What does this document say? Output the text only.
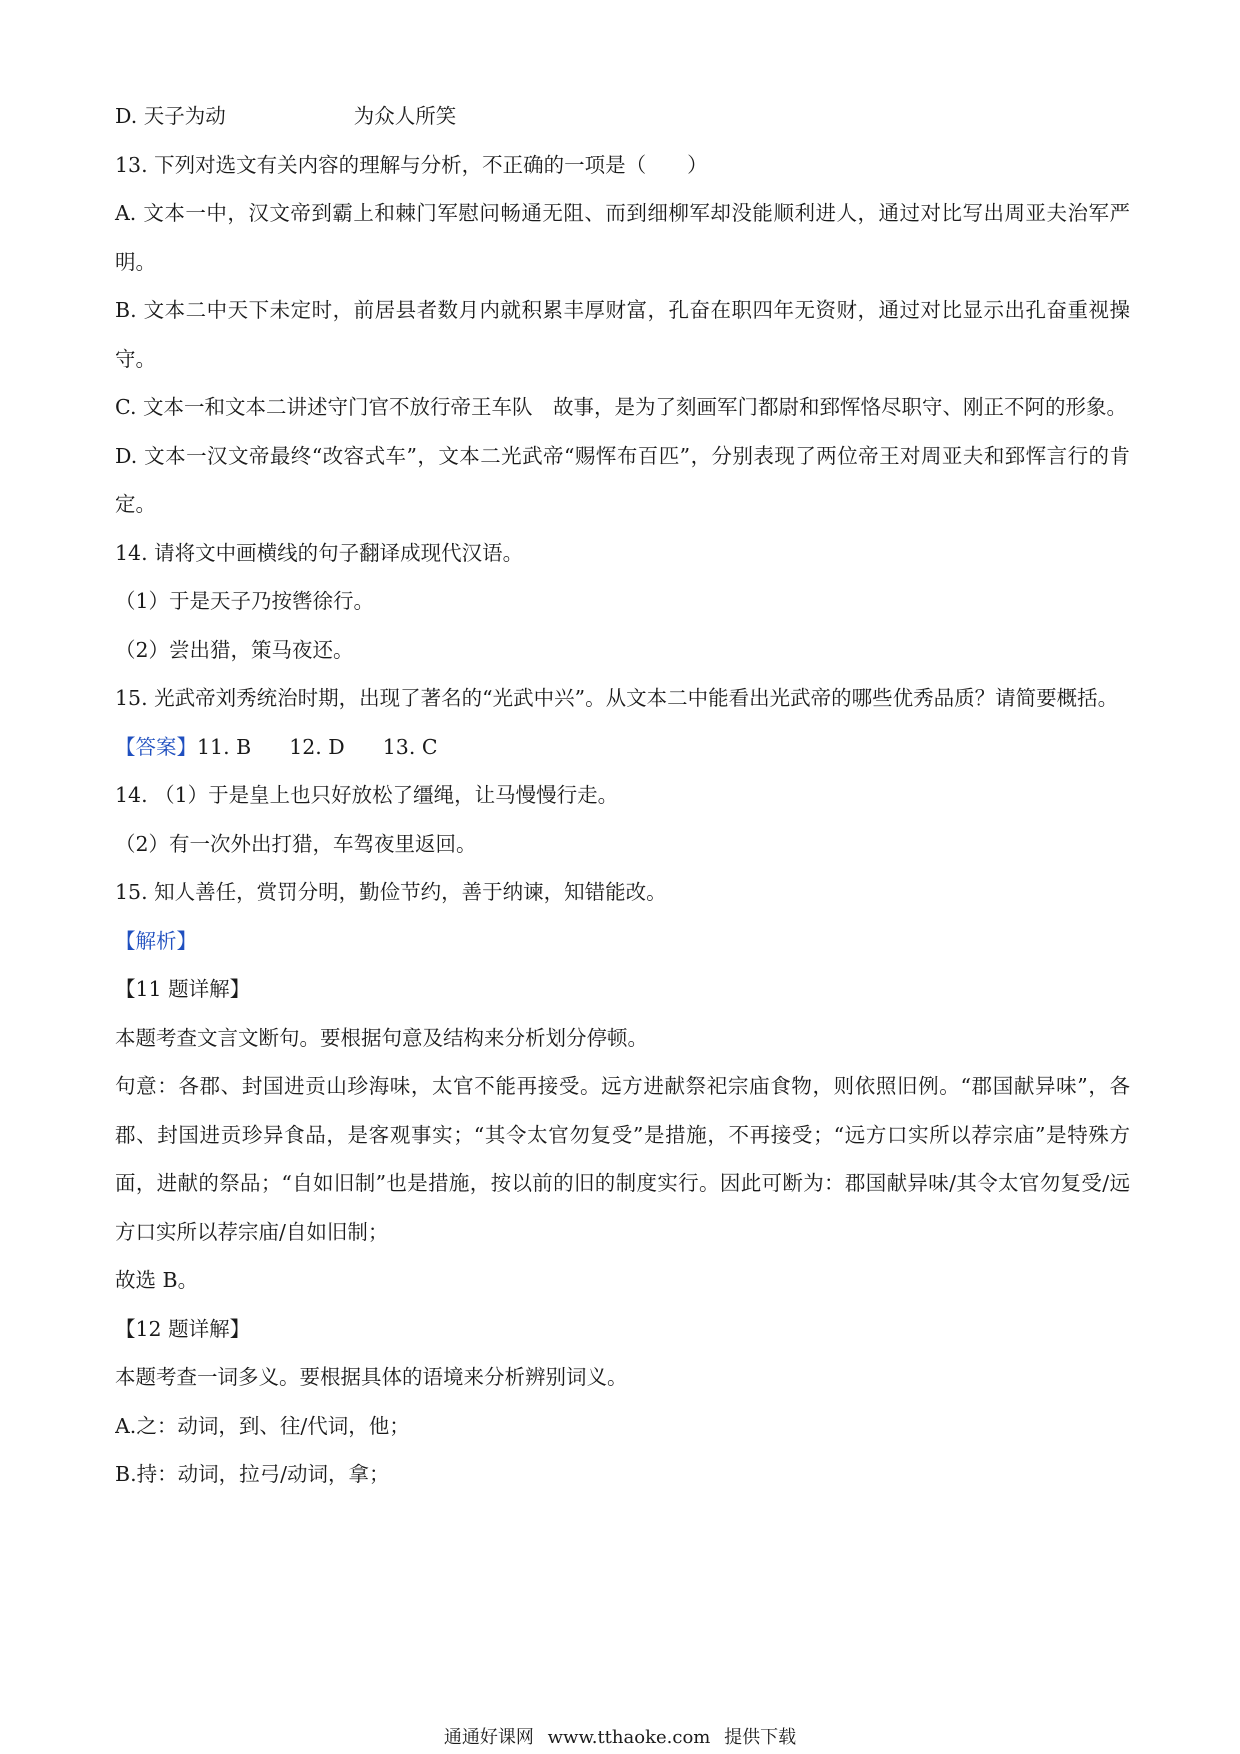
D. 天子为动	为众人所笑
13. 下列对选文有关内容的理解与分析，不正确的一项是（　　）
A. 文本一中，汉文帝到霸上和棘门军慰问畅通无阻、而到细柳军却没能顺利进人，通过对比写出周亚夫治军严明。
B. 文本二中天下未定时，前居县者数月内就积累丰厚财富，孔奋在职四年无资财，通过对比显示出孔奋重视操守。
C. 文本一和文本二讲述守门官不放行帝王车队　故事，是为了刻画军门都尉和郅恽恪尽职守、刚正不阿的形象。
D. 文本一汉文帝最终“改容式车”，文本二光武帝“赐恽布百匹”，分别表现了两位帝王对周亚夫和郅恽言行的肯定。
14. 请将文中画横线的句子翻译成现代汉语。
（1）于是天子乃按辔徐行。
（2）尝出猎，策马夜还。
15. 光武帝刘秀统治时期，出现了著名的“光武中兴”。从文本二中能看出光武帝的哪些优秀品质？请简要概括。
【答案】11. B 12. D 13. C
14. （1）于是皇上也只好放松了缰绳，让马慢慢行走。
（2）有一次外出打猎，车驾夜里返回。
15. 知人善任，赏罚分明，勤俭节约，善于纳谏，知错能改。
【解析】
【11 题详解】
本题考查文言文断句。要根据句意及结构来分析划分停顿。
句意：各郡、封国进贡山珍海味，太官不能再接受。远方进献祭祀宗庙食物，则依照旧例。“郡国献异味”，各郡、封国进贡珍异食品，是客观事实；“其令太官勿复受”是措施，不再接受；“远方口实所以荐宗庙”是特殊方面，进献的祭品；“自如旧制”也是措施，按以前的旧的制度实行。因此可断为：郡国献异味/其令太官勿复受/远方口实所以荐宗庙/自如旧制；
故选 B。
【12 题详解】
本题考查一词多义。要根据具体的语境来分析辨别词义。
A.之：动词，到、往/代词，他；
B.持：动词，拉弓/动词，拿；
通通好课网 www.tthaoke.com 提供下载
